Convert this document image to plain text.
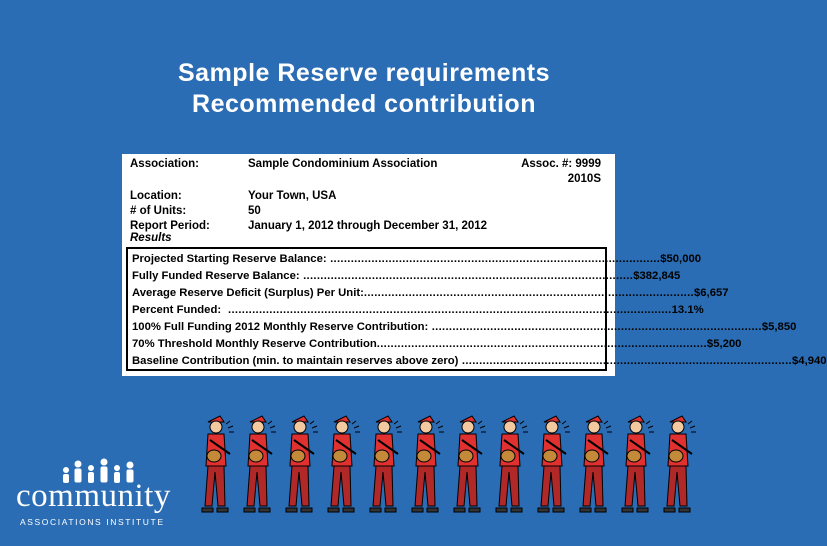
Sample Reserve requirements
Recommended contribution
Association:	Sample Condominium Association	Assoc. #: 9999
2010S
Location:	Your Town, USA
# of Units:	50
Report Period:	January 1, 2012 through December 31, 2012
Results
Projected Starting Reserve Balance: ................................................................................................ $50,000
Fully Funded Reserve Balance: ................................................................................................ $382,845
Average Reserve Deficit (Surplus) Per Unit: ................................................................................................ $6,657
Percent Funded: ................................................................................................................................. 13.1%
100% Full Funding 2012 Monthly Reserve Contribution: ................................................................................................ $5,850
70% Threshold Monthly Reserve Contribution ................................................................................................ $5,200
Baseline Contribution (min. to maintain reserves above zero) ................................................................................................ $4,940
community
ASSOCIATIONS INSTITUTE
